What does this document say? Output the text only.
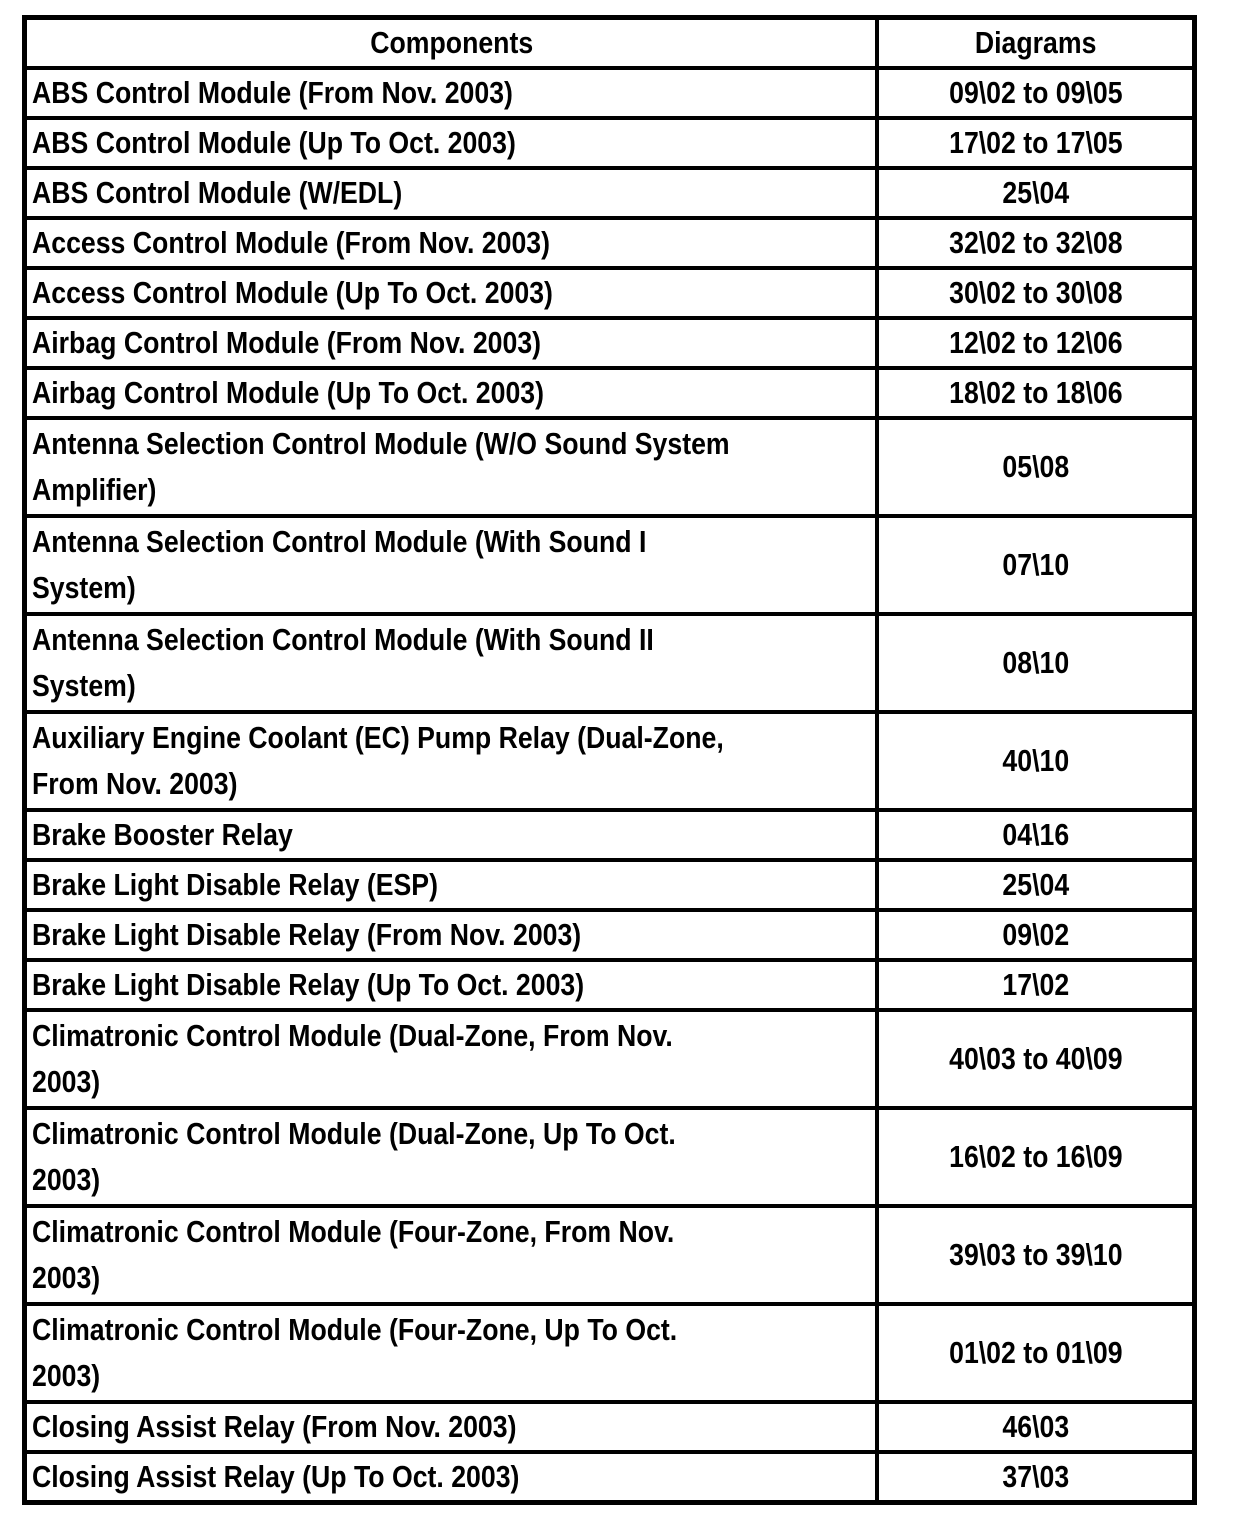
Components	Diagrams
ABS Control Module (From Nov. 2003)	09\02 to 09\05
ABS Control Module (Up To Oct. 2003)	17\02 to 17\05
ABS Control Module (W/EDL)	25\04
Access Control Module (From Nov. 2003)	32\02 to 32\08
Access Control Module (Up To Oct. 2003)	30\02 to 30\08
Airbag Control Module (From Nov. 2003)	12\02 to 12\06
Airbag Control Module (Up To Oct. 2003)	18\02 to 18\06
Antenna Selection Control Module (W/O Sound System
Amplifier)	05\08
Antenna Selection Control Module (With Sound I
System)	07\10
Antenna Selection Control Module (With Sound II
System)	08\10
Auxiliary Engine Coolant (EC) Pump Relay (Dual-Zone,
From Nov. 2003)	40\10
Brake Booster Relay	04\16
Brake Light Disable Relay (ESP)	25\04
Brake Light Disable Relay (From Nov. 2003)	09\02
Brake Light Disable Relay (Up To Oct. 2003)	17\02
Climatronic Control Module (Dual-Zone, From Nov.
2003)	40\03 to 40\09
Climatronic Control Module (Dual-Zone, Up To Oct.
2003)	16\02 to 16\09
Climatronic Control Module (Four-Zone, From Nov.
2003)	39\03 to 39\10
Climatronic Control Module (Four-Zone, Up To Oct.
2003)	01\02 to 01\09
Closing Assist Relay (From Nov. 2003)	46\03
Closing Assist Relay (Up To Oct. 2003)	37\03
